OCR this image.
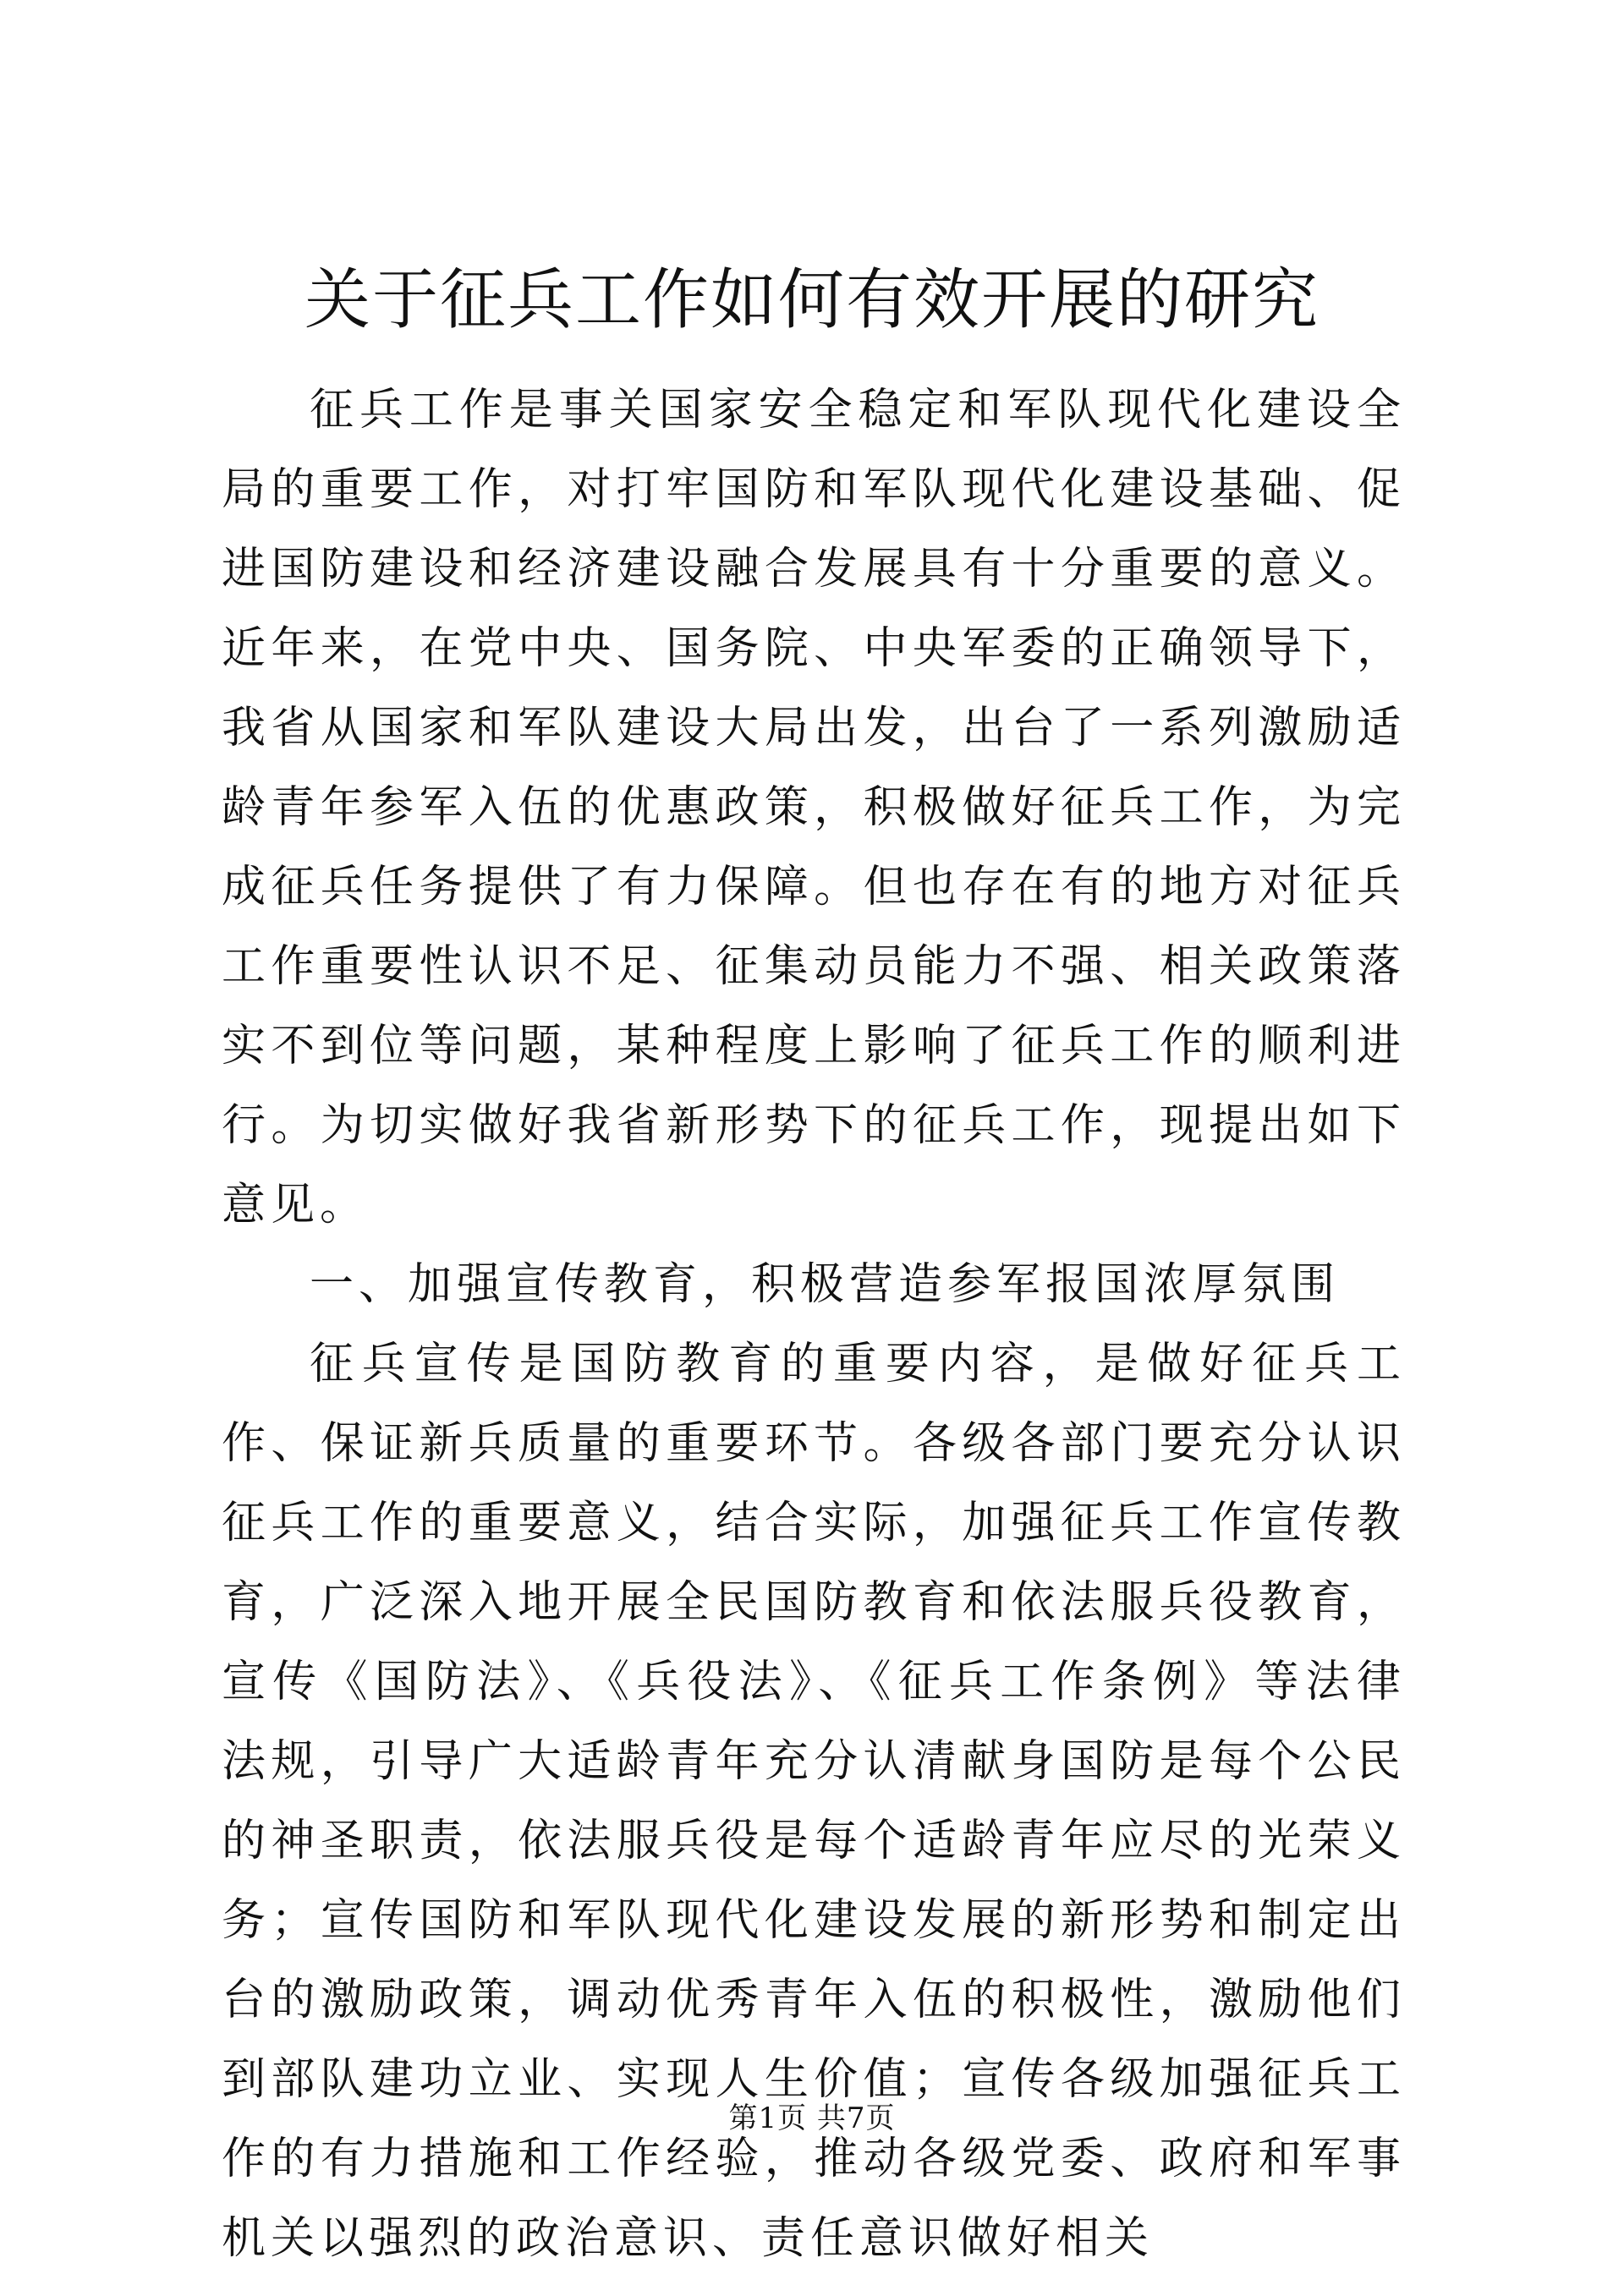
关于征兵工作如何有效开展的研究

征兵工作是事关国家安全稳定和军队现代化建设全局的重要工作，对打牢国防和军队现代化建设基础、促进国防建设和经济建设融合发展具有十分重要的意义。近年来，在党中央、国务院、中央军委的正确领导下，我省从国家和军队建设大局出发，出台了一系列激励适龄青年参军入伍的优惠政策，积极做好征兵工作，为完成征兵任务提供了有力保障。但也存在有的地方对征兵工作重要性认识不足、征集动员能力不强、相关政策落实不到位等问题，某种程度上影响了征兵工作的顺利进行。为切实做好我省新形势下的征兵工作，现提出如下意见。

一、加强宣传教育，积极营造参军报国浓厚氛围

征兵宣传是国防教育的重要内容，是做好征兵工作、保证新兵质量的重要环节。各级各部门要充分认识征兵工作的重要意义，结合实际，加强征兵工作宣传教育，广泛深入地开展全民国防教育和依法服兵役教育，宣传《国防法》、《兵役法》、《征兵工作条例》等法律法规，引导广大适龄青年充分认清献身国防是每个公民的神圣职责，依法服兵役是每个适龄青年应尽的光荣义务；宣传国防和军队现代化建设发展的新形势和制定出台的激励政策，调动优秀青年入伍的积极性，激励他们到部队建功立业、实现人生价值；宣传各级加强征兵工作的有力措施和工作经验，推动各级党委、政府和军事机关以强烈的政治意识、责任意识做好相关

第1页 共7页
